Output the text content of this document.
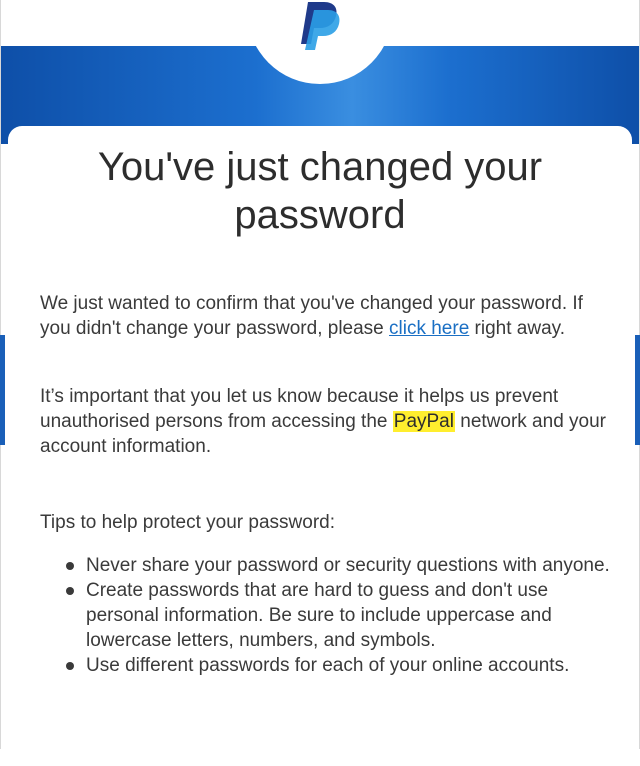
You've just changed your password

We just wanted to confirm that you've changed your password. If you didn't change your password, please click here right away.

It’s important that you let us know because it helps us prevent unauthorised persons from accessing the PayPal network and your account information.

Tips to help protect your password:

Never share your password or security questions with anyone.
Create passwords that are hard to guess and don't use personal information. Be sure to include uppercase and lowercase letters, numbers, and symbols.
Use different passwords for each of your online accounts.
